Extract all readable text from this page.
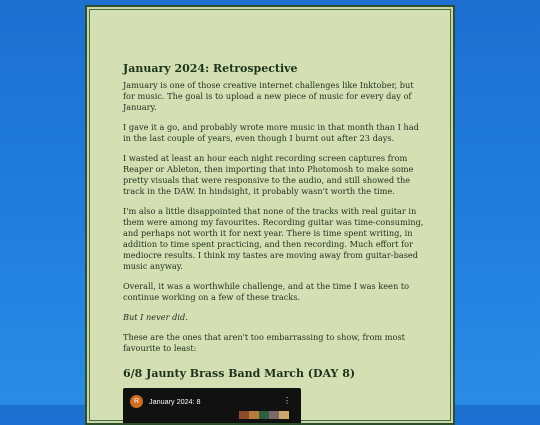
January 2024: Retrospective

Jamuary is one of those creative internet challenges like Inktober, but for music. The goal is to upload a new piece of music for every day of January.

I gave it a go, and probably wrote more music in that month than I had in the last couple of years, even though I burnt out after 23 days.

I wasted at least an hour each night recording screen captures from Reaper or Ableton, then importing that into Photomosh to make some pretty visuals that were responsive to the audio, and still showed the track in the DAW. In hindsight, it probably wasn't worth the time.

I'm also a little disappointed that none of the tracks with real guitar in them were among my favourites. Recording guitar was time-consuming, and perhaps not worth it for next year. There is time spent writing, in addition to time spent practicing, and then recording. Much effort for mediocre results. I think my tastes are moving away from guitar-based music anyway.

Overall, it was a worthwhile challenge, and at the time I was keen to continue working on a few of these tracks.

But I never did.

These are the ones that aren't too embarrassing to show, from most favourite to least:

6/8 Jaunty Brass Band March (DAY 8)
R	January 2024: 8	⋮
